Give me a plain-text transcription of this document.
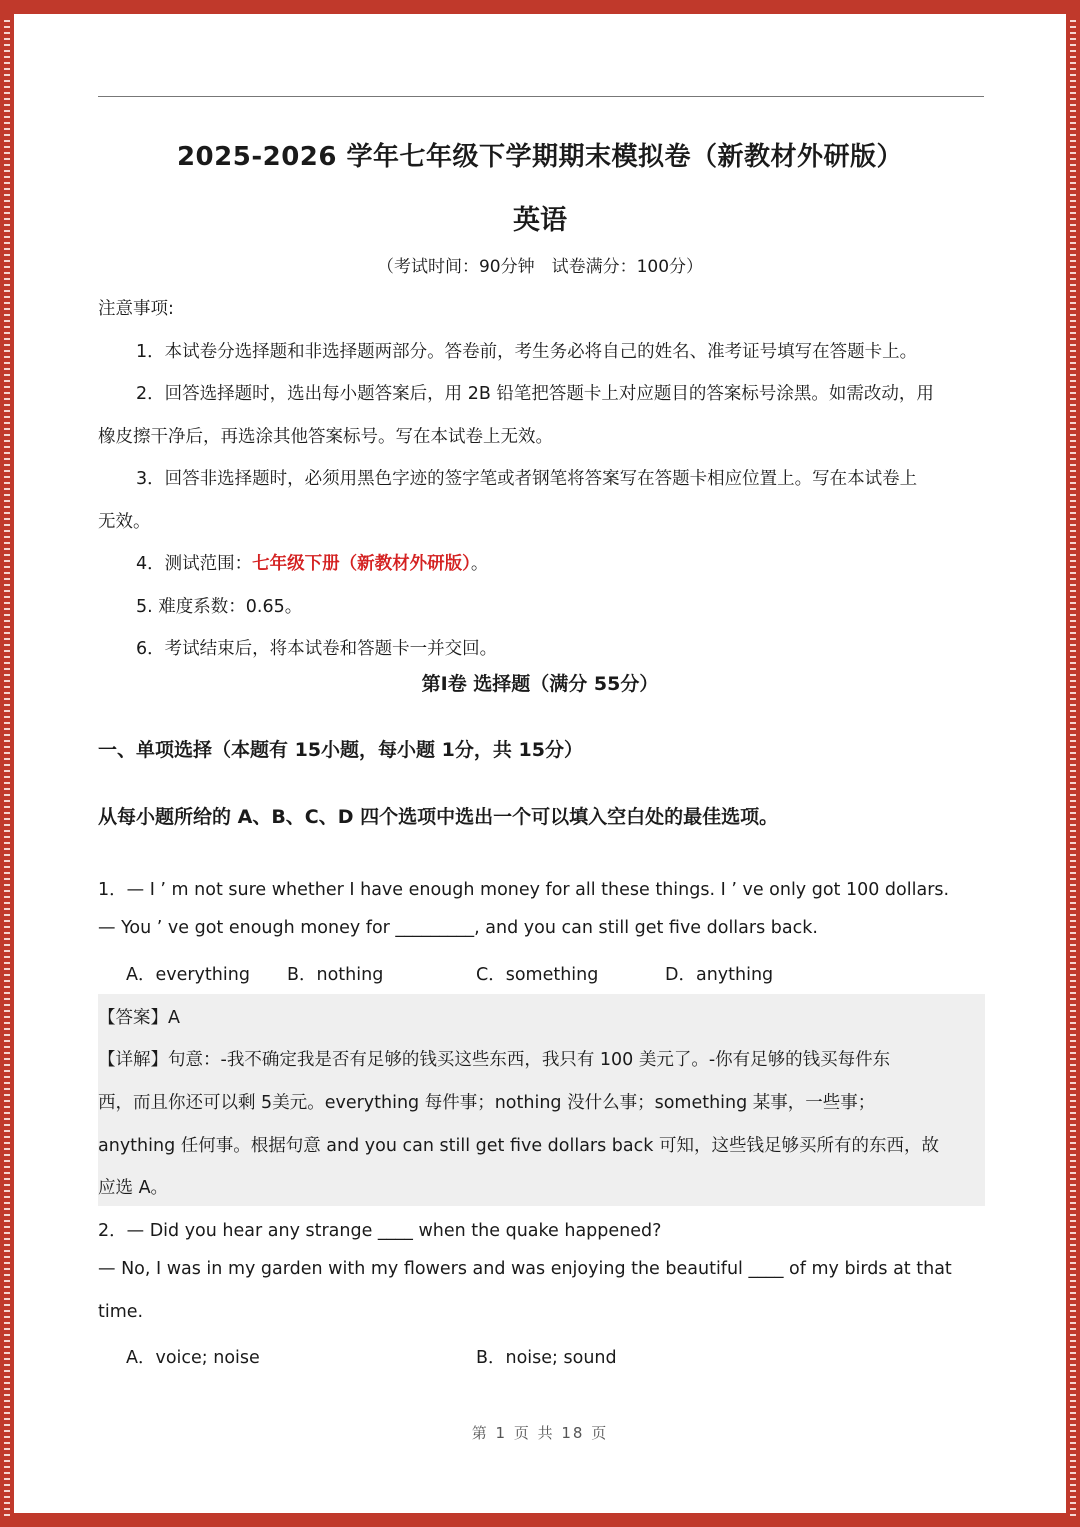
2025-2026 学年七年级下学期期末模拟卷（新教材外研版）
英语
（考试时间：90分钟　试卷满分：100分）
注意事项:
1．本试卷分选择题和非选择题两部分。答卷前，考生务必将自己的姓名、准考证号填写在答题卡上。
2．回答选择题时，选出每小题答案后，用 2B 铅笔把答题卡上对应题目的答案标号涂黑。如需改动，用
橡皮擦干净后，再选涂其他答案标号。写在本试卷上无效。
3．回答非选择题时，必须用黑色字迹的签字笔或者钢笔将答案写在答题卡相应位置上。写在本试卷上
无效。
4．测试范围：七年级下册（新教材外研版）。
5. 难度系数：0.65。
6．考试结束后，将本试卷和答题卡一并交回。
第Ⅰ卷 选择题（满分 55分）
一、单项选择（本题有 15小题，每小题 1分，共 15分）
从每小题所给的 A、B、C、D 四个选项中选出一个可以填入空白处的最佳选项。
1．— I ’ m not sure whether I have enough money for all these things. I ’ ve only got 100 dollars.
— You ’ ve got enough money for _________, and you can still get five dollars back.
A．everything B．nothing	C．something	D．anything
【答案】A
【详解】句意：-我不确定我是否有足够的钱买这些东西，我只有 100 美元了。-你有足够的钱买每件东
西，而且你还可以剩 5美元。everything 每件事；nothing 没什么事；something 某事，一些事；
anything 任何事。根据句意 and you can still get five dollars back 可知，这些钱足够买所有的东西，故
应选 A。
2．— Did you hear any strange ____ when the quake happened?
— No, I was in my garden with my flowers and was enjoying the beautiful ____ of my birds at that
time.
A．voice; noise	B．noise; sound
第 1 页 共 18 页
